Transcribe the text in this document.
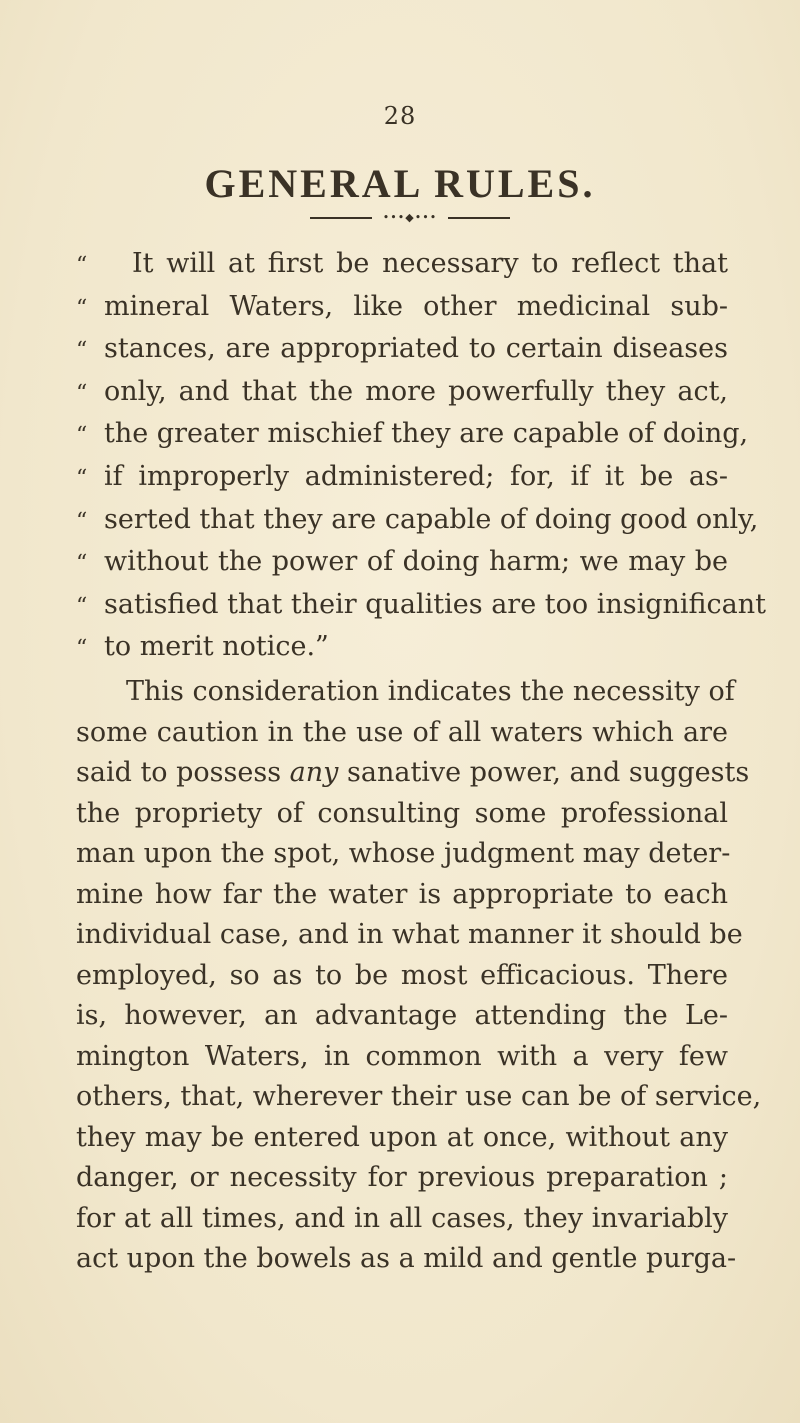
28
GENERAL RULES.
•••◆•••
“	It will at first be necessary to reflect that
“ mineral Waters, like other medicinal sub-
“ stances, are appropriated to certain diseases
“ only, and that the more powerfully they act,
“ the greater mischief they are capable of doing,
“ if improperly administered; for, if it be as-
“ serted that they are capable of doing good only,
“ without the power of doing harm; we may be
“ satisfied that their qualities are too insignificant
“ to merit notice.”
This consideration indicates the necessity of
some caution in the use of all waters which are
said to possess any sanative power, and suggests
the propriety of consulting some professional
man upon the spot, whose judgment may deter-
mine how far the water is appropriate to each
individual case, and in what manner it should be
employed, so as to be most efficacious. There
is, however, an advantage attending the Le-
mington Waters, in common with a very few
others, that, wherever their use can be of service,
they may be entered upon at once, without any
danger, or necessity for previous preparation ;
for at all times, and in all cases, they invariably
act upon the bowels as a mild and gentle purga-
